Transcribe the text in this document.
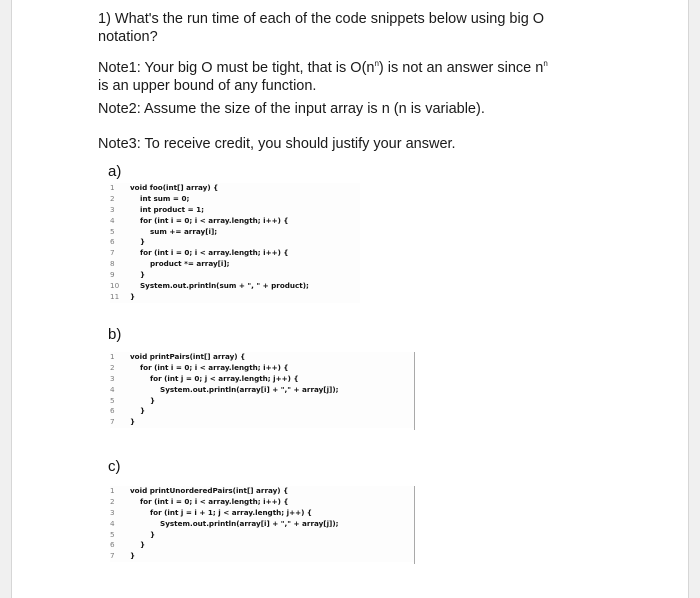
1) What's the run time of each of the code snippets below using big O
notation?
Note1: Your big O must be tight, that is $O(n^n)$ is not an answer since $n^n$
is an upper bound of any function.
Note2: Assume the size of the input array is n (n is variable).
Note3: To receive credit, you should justify your answer.
a)
1	void foo(int[] array) {
2	int sum = 0;
3	int product = 1;
4	for (int i = 0; i < array.length; i++) {
5	sum += array[i];
6	}
7	for (int i = 0; i < array.length; i++) {
8	product *= array[i];
9	}
10	System.out.println(sum + ", " + product);
11	}
b)
1	void printPairs(int[] array) {
2	for (int i = 0; i < array.length; i++) {
3	for (int j = 0; j < array.length; j++) {
4	System.out.println(array[i] + "," + array[j]);
5	}
6	}
7	}
c)
1	void printUnorderedPairs(int[] array) {
2	for (int i = 0; i < array.length; i++) {
3	for (int j = i + 1; j < array.length; j++) {
4	System.out.println(array[i] + "," + array[j]);
5	}
6	}
7	}
